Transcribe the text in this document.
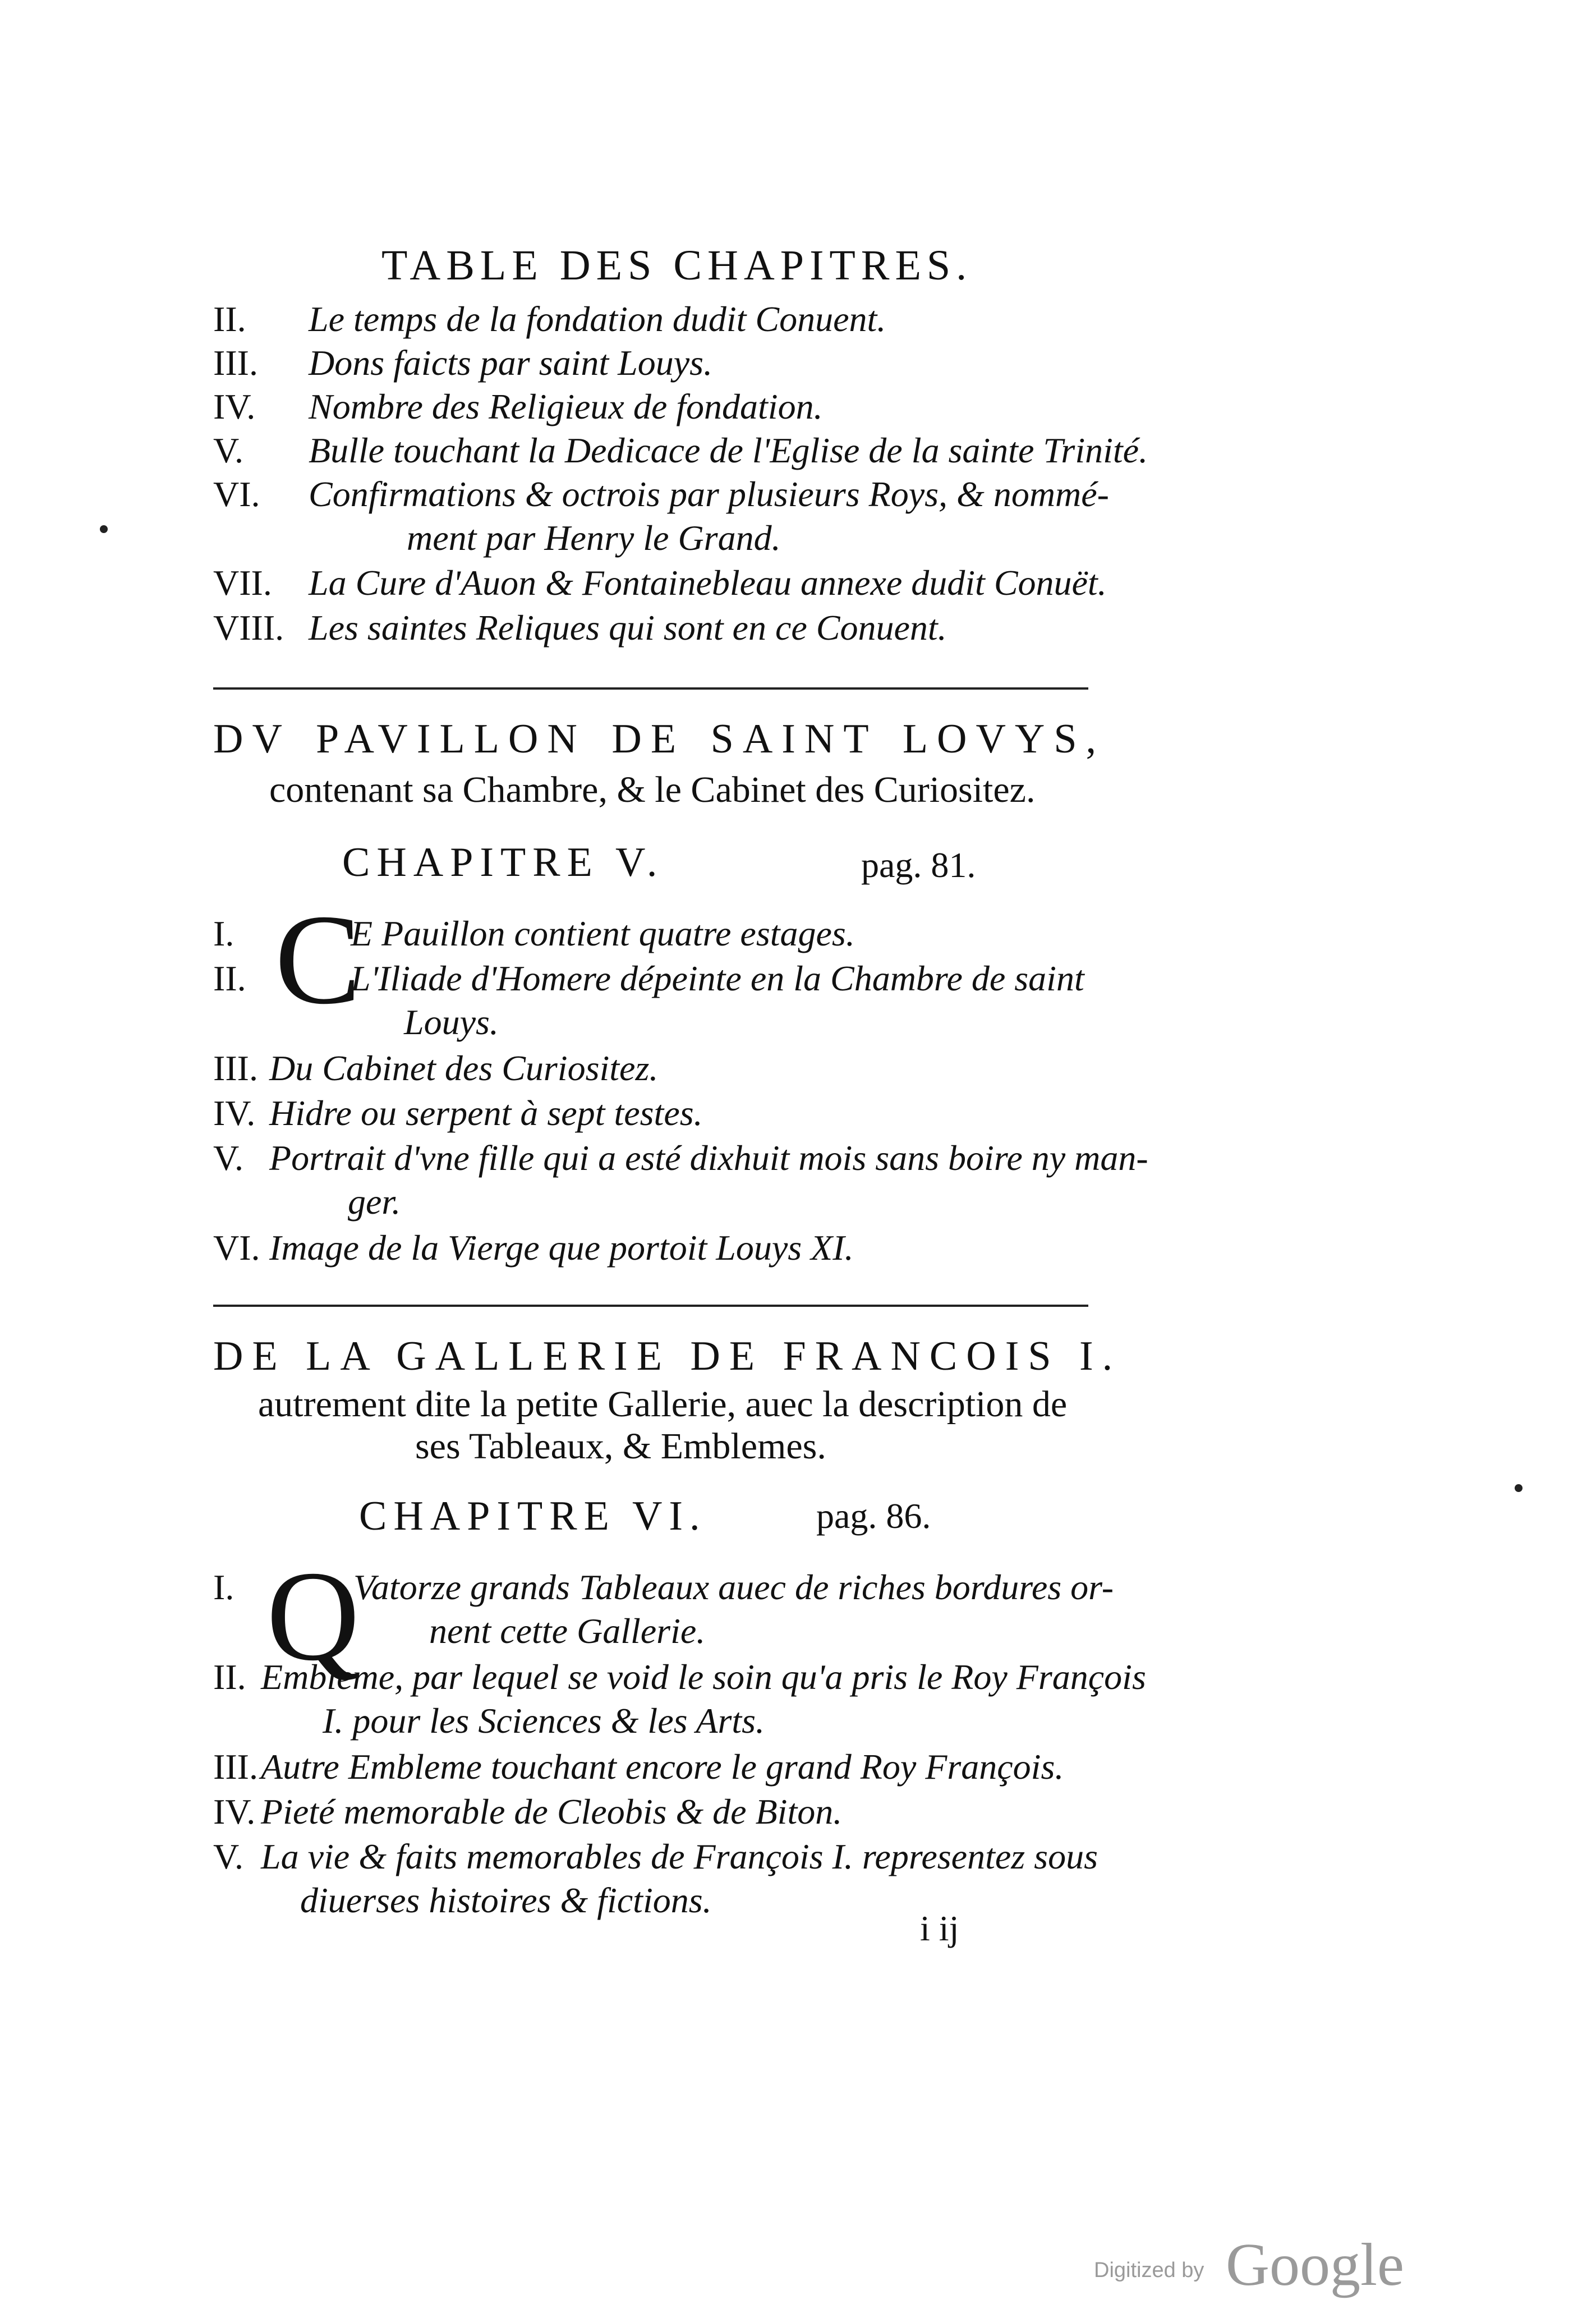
TABLE DES CHAPITRES.
II. Le temps de la fondation dudit Conuent.
III. Dons faicts par saint Louys.
IV. Nombre des Religieux de fondation.
V. Bulle touchant la Dedicace de l'Eglise de la sainte Trinité.
VI. Confirmations & octrois par plusieurs Roys, & nommé-
ment par Henry le Grand.
VII. La Cure d'Auon & Fontainebleau annexe dudit Conuët.
VIII. Les saintes Reliques qui sont en ce Conuent.
DV PAVILLON DE SAINT LOVYS,
contenant sa Chambre, & le Cabinet des Curiositez.
CHAPITRE V.	pag. 81.
C
I.	E Pauillon contient quatre estages.
II.	L'Iliade d'Homere dépeinte en la Chambre de saint
Louys.
III. Du Cabinet des Curiositez.
IV. Hidre ou serpent à sept testes.
V. Portrait d'vne fille qui a esté dixhuit mois sans boire ny man-
ger.
VI. Image de la Vierge que portoit Louys XI.
DE LA GALLERIE DE FRANCOIS I.
autrement dite la petite Gallerie, auec la description de
ses Tableaux, & Emblemes.
CHAPITRE VI.	pag. 86.
Q
I.	Vatorze grands Tableaux auec de riches bordures or-
nent cette Gallerie.
II. Embleme, par lequel se void le soin qu'a pris le Roy François
I. pour les Sciences & les Arts.
III. Autre Embleme touchant encore le grand Roy François.
IV. Pieté memorable de Cleobis & de Biton.
V. La vie & faits memorables de François I. representez sous
diuerses histoires & fictions.
i ij
Digitized by Google
